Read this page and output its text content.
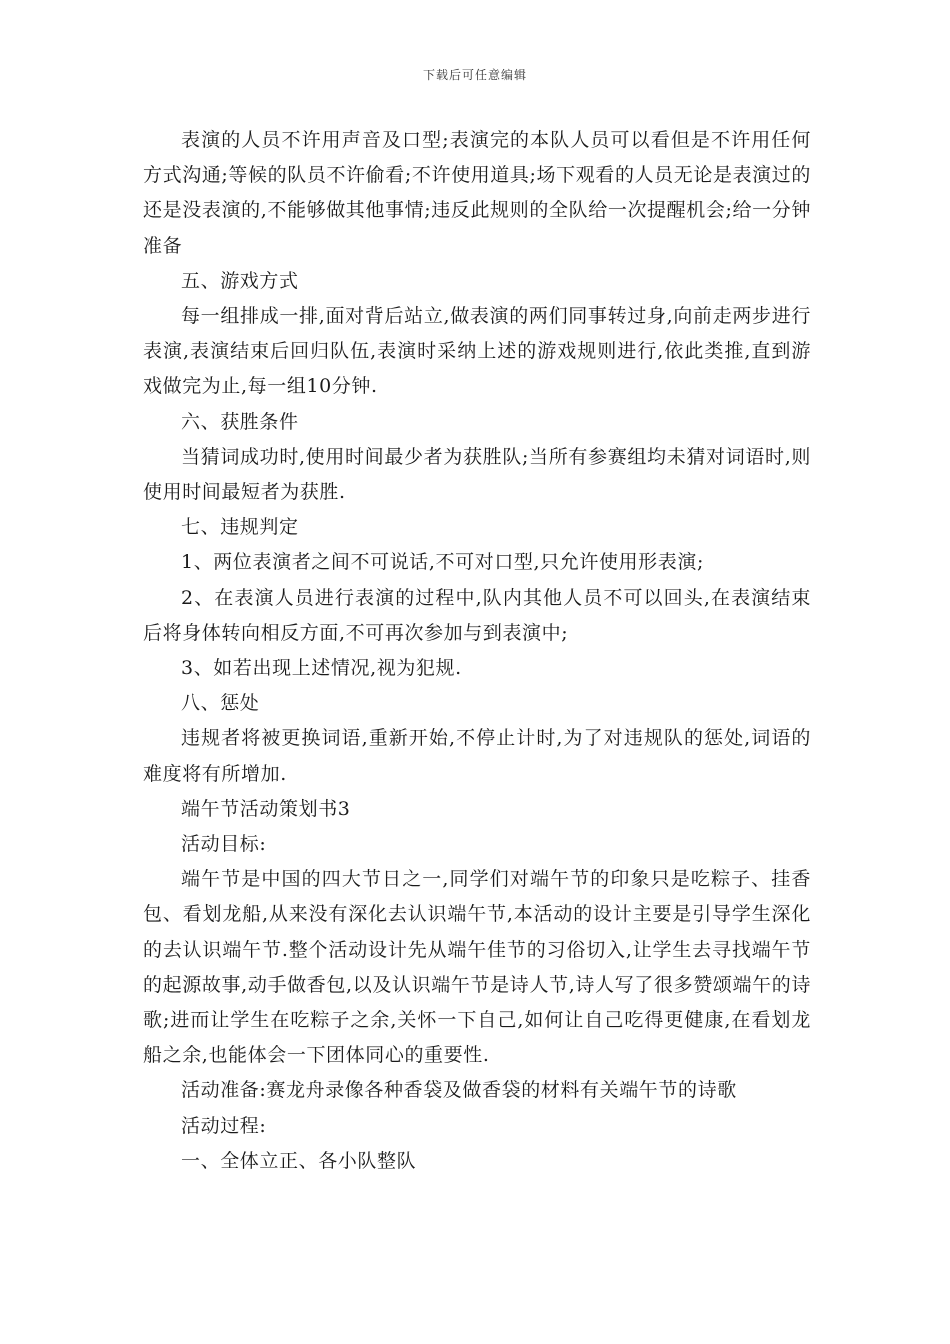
下载后可任意编辑

表演的人员不许用声音及口型;表演完的本队人员可以看但是不许用任何方式沟通;等候的队员不许偷看;不许使用道具;场下观看的人员无论是表演过的还是没表演的,不能够做其他事情;违反此规则的全队给一次提醒机会;给一分钟准备

五、游戏方式

每一组排成一排,面对背后站立,做表演的两们同事转过身,向前走两步进行表演,表演结束后回归队伍,表演时采纳上述的游戏规则进行,依此类推,直到游戏做完为止,每一组10分钟.

六、获胜条件

当猜词成功时,使用时间最少者为获胜队;当所有参赛组均未猜对词语时,则使用时间最短者为获胜.

七、违规判定

1、两位表演者之间不可说话,不可对口型,只允许使用形表演;

2、在表演人员进行表演的过程中,队内其他人员不可以回头,在表演结束后将身体转向相反方面,不可再次参加与到表演中;

3、如若出现上述情况,视为犯规.

八、惩处

违规者将被更换词语,重新开始,不停止计时,为了对违规队的惩处,词语的难度将有所增加.

端午节活动策划书3

活动目标:

端午节是中国的四大节日之一,同学们对端午节的印象只是吃粽子、挂香包、看划龙船,从来没有深化去认识端午节,本活动的设计主要是引导学生深化的去认识端午节.整个活动设计先从端午佳节的习俗切入,让学生去寻找端午节的起源故事,动手做香包,以及认识端午节是诗人节,诗人写了很多赞颂端午的诗歌;进而让学生在吃粽子之余,关怀一下自己,如何让自己吃得更健康,在看划龙船之余,也能体会一下团体同心的重要性.

活动准备:赛龙舟录像各种香袋及做香袋的材料有关端午节的诗歌

活动过程:

一、全体立正、各小队整队
